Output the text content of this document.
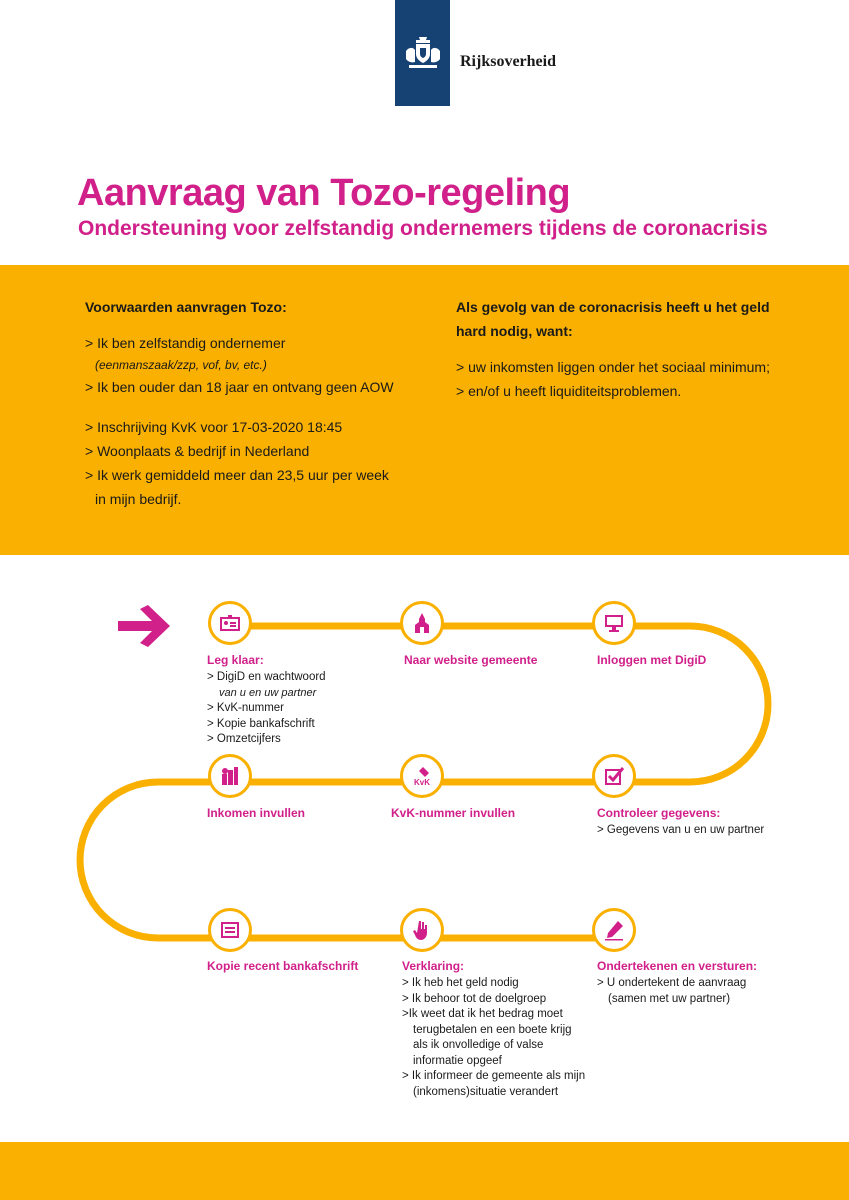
Rijksoverheid
Aanvraag van Tozo-regeling
Ondersteuning voor zelfstandig ondernemers tijdens de coronacrisis
Voorwaarden aanvragen Tozo:
> Ik ben zelfstandig ondernemer
(eenmanszaak/zzp, vof, bv, etc.)
> Ik ben ouder dan 18 jaar en ontvang geen AOW
> Inschrijving KvK voor 17-03-2020 18:45
> Woonplaats & bedrijf in Nederland
> Ik werk gemiddeld meer dan 23,5 uur per week
in mijn bedrijf.
Als gevolg van de coronacrisis heeft u het geld
hard nodig, want:
> uw inkomsten liggen onder het sociaal minimum;
> en/of u heeft liquiditeitsproblemen.
KvK
Leg klaar:
> DigiD en wachtwoord
van u en uw partner
> KvK-nummer
> Kopie bankafschrift
> Omzetcijfers
Naar website gemeente	Inloggen met DigiD
Controleer gegevens:
> Gegevens van u en uw partner
KvK-nummer invullen
Inkomen invullen
Kopie recent bankafschrift	Verklaring:
> Ik heb het geld nodig
> Ik behoor tot de doelgroep
>Ik weet dat ik het bedrag moet
terugbetalen en een boete krijg
als ik onvolledige of valse
informatie opgeef
> Ik informeer de gemeente als mijn
(inkomens)situatie verandert
Ondertekenen en versturen:
> U ondertekent de aanvraag
(samen met uw partner)
